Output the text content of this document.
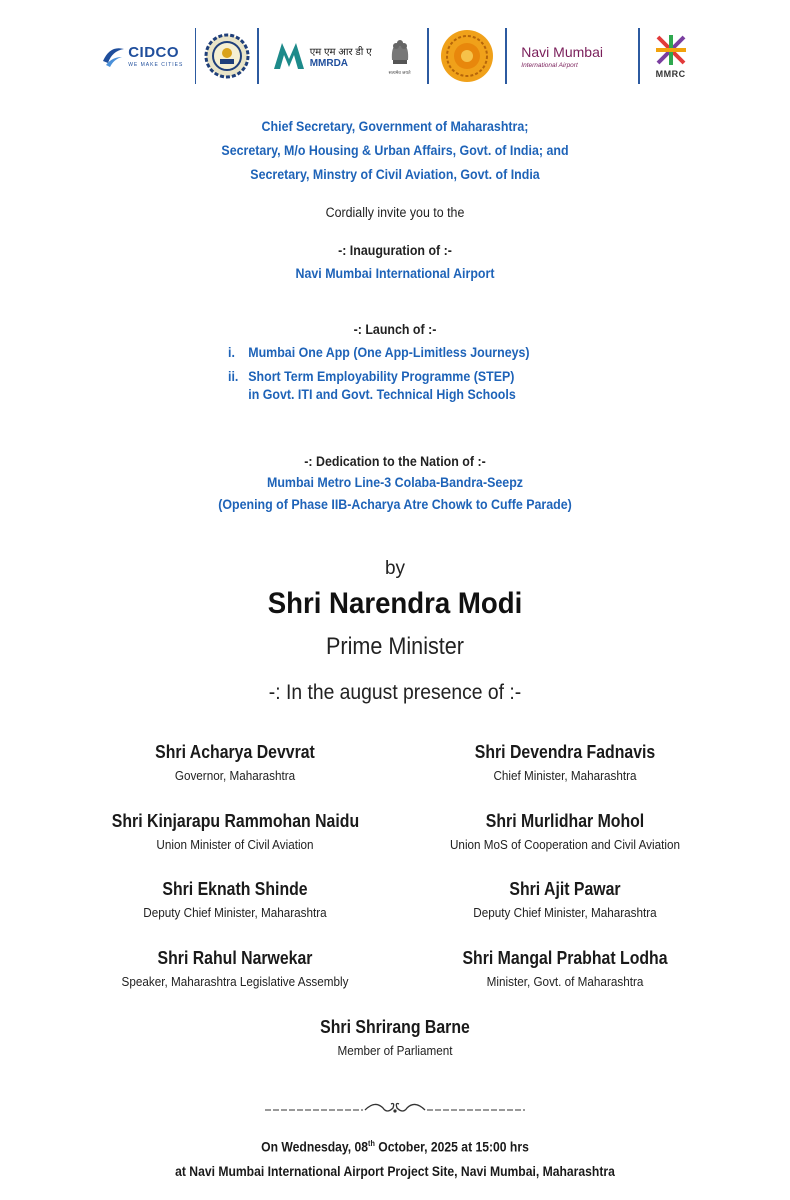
CIDCO
WE MAKE CITIES
एम एम आर डी ए
MMRDA
सत्यमेव जयते
Navi Mumbai
International Airport
MMRC
Chief Secretary, Government of Maharashtra;
Secretary, M/o Housing & Urban Affairs, Govt. of India; and
Secretary, Minstry of Civil Aviation, Govt. of India
Cordially invite you to the
-: Inauguration of :-
Navi Mumbai International Airport
-: Launch of :-
i. Mumbai One App (One App-Limitless Journeys)
ii. Short Term Employability Programme (STEP)
in Govt. ITI and Govt. Technical High Schools
-: Dedication to the Nation of :-
Mumbai Metro Line-3 Colaba-Bandra-Seepz
(Opening of Phase IIB-Acharya Atre Chowk to Cuffe Parade)
by
Shri Narendra Modi
Prime Minister
-: In the august presence of :-
Shri Acharya Devvrat
Governor, Maharashtra
Shri Devendra Fadnavis
Chief Minister, Maharashtra
Shri Kinjarapu Rammohan Naidu
Union Minister of Civil Aviation
Shri Murlidhar Mohol
Union MoS of Cooperation and Civil Aviation
Shri Eknath Shinde
Deputy Chief Minister, Maharashtra
Shri Ajit Pawar
Deputy Chief Minister, Maharashtra
Shri Rahul Narwekar
Speaker, Maharashtra Legislative Assembly
Shri Mangal Prabhat Lodha
Minister, Govt. of Maharashtra
Shri Shrirang Barne
Member of Parliament
On Wednesday, 08th October, 2025 at 15:00 hrs
at Navi Mumbai International Airport Project Site, Navi Mumbai, Maharashtra
